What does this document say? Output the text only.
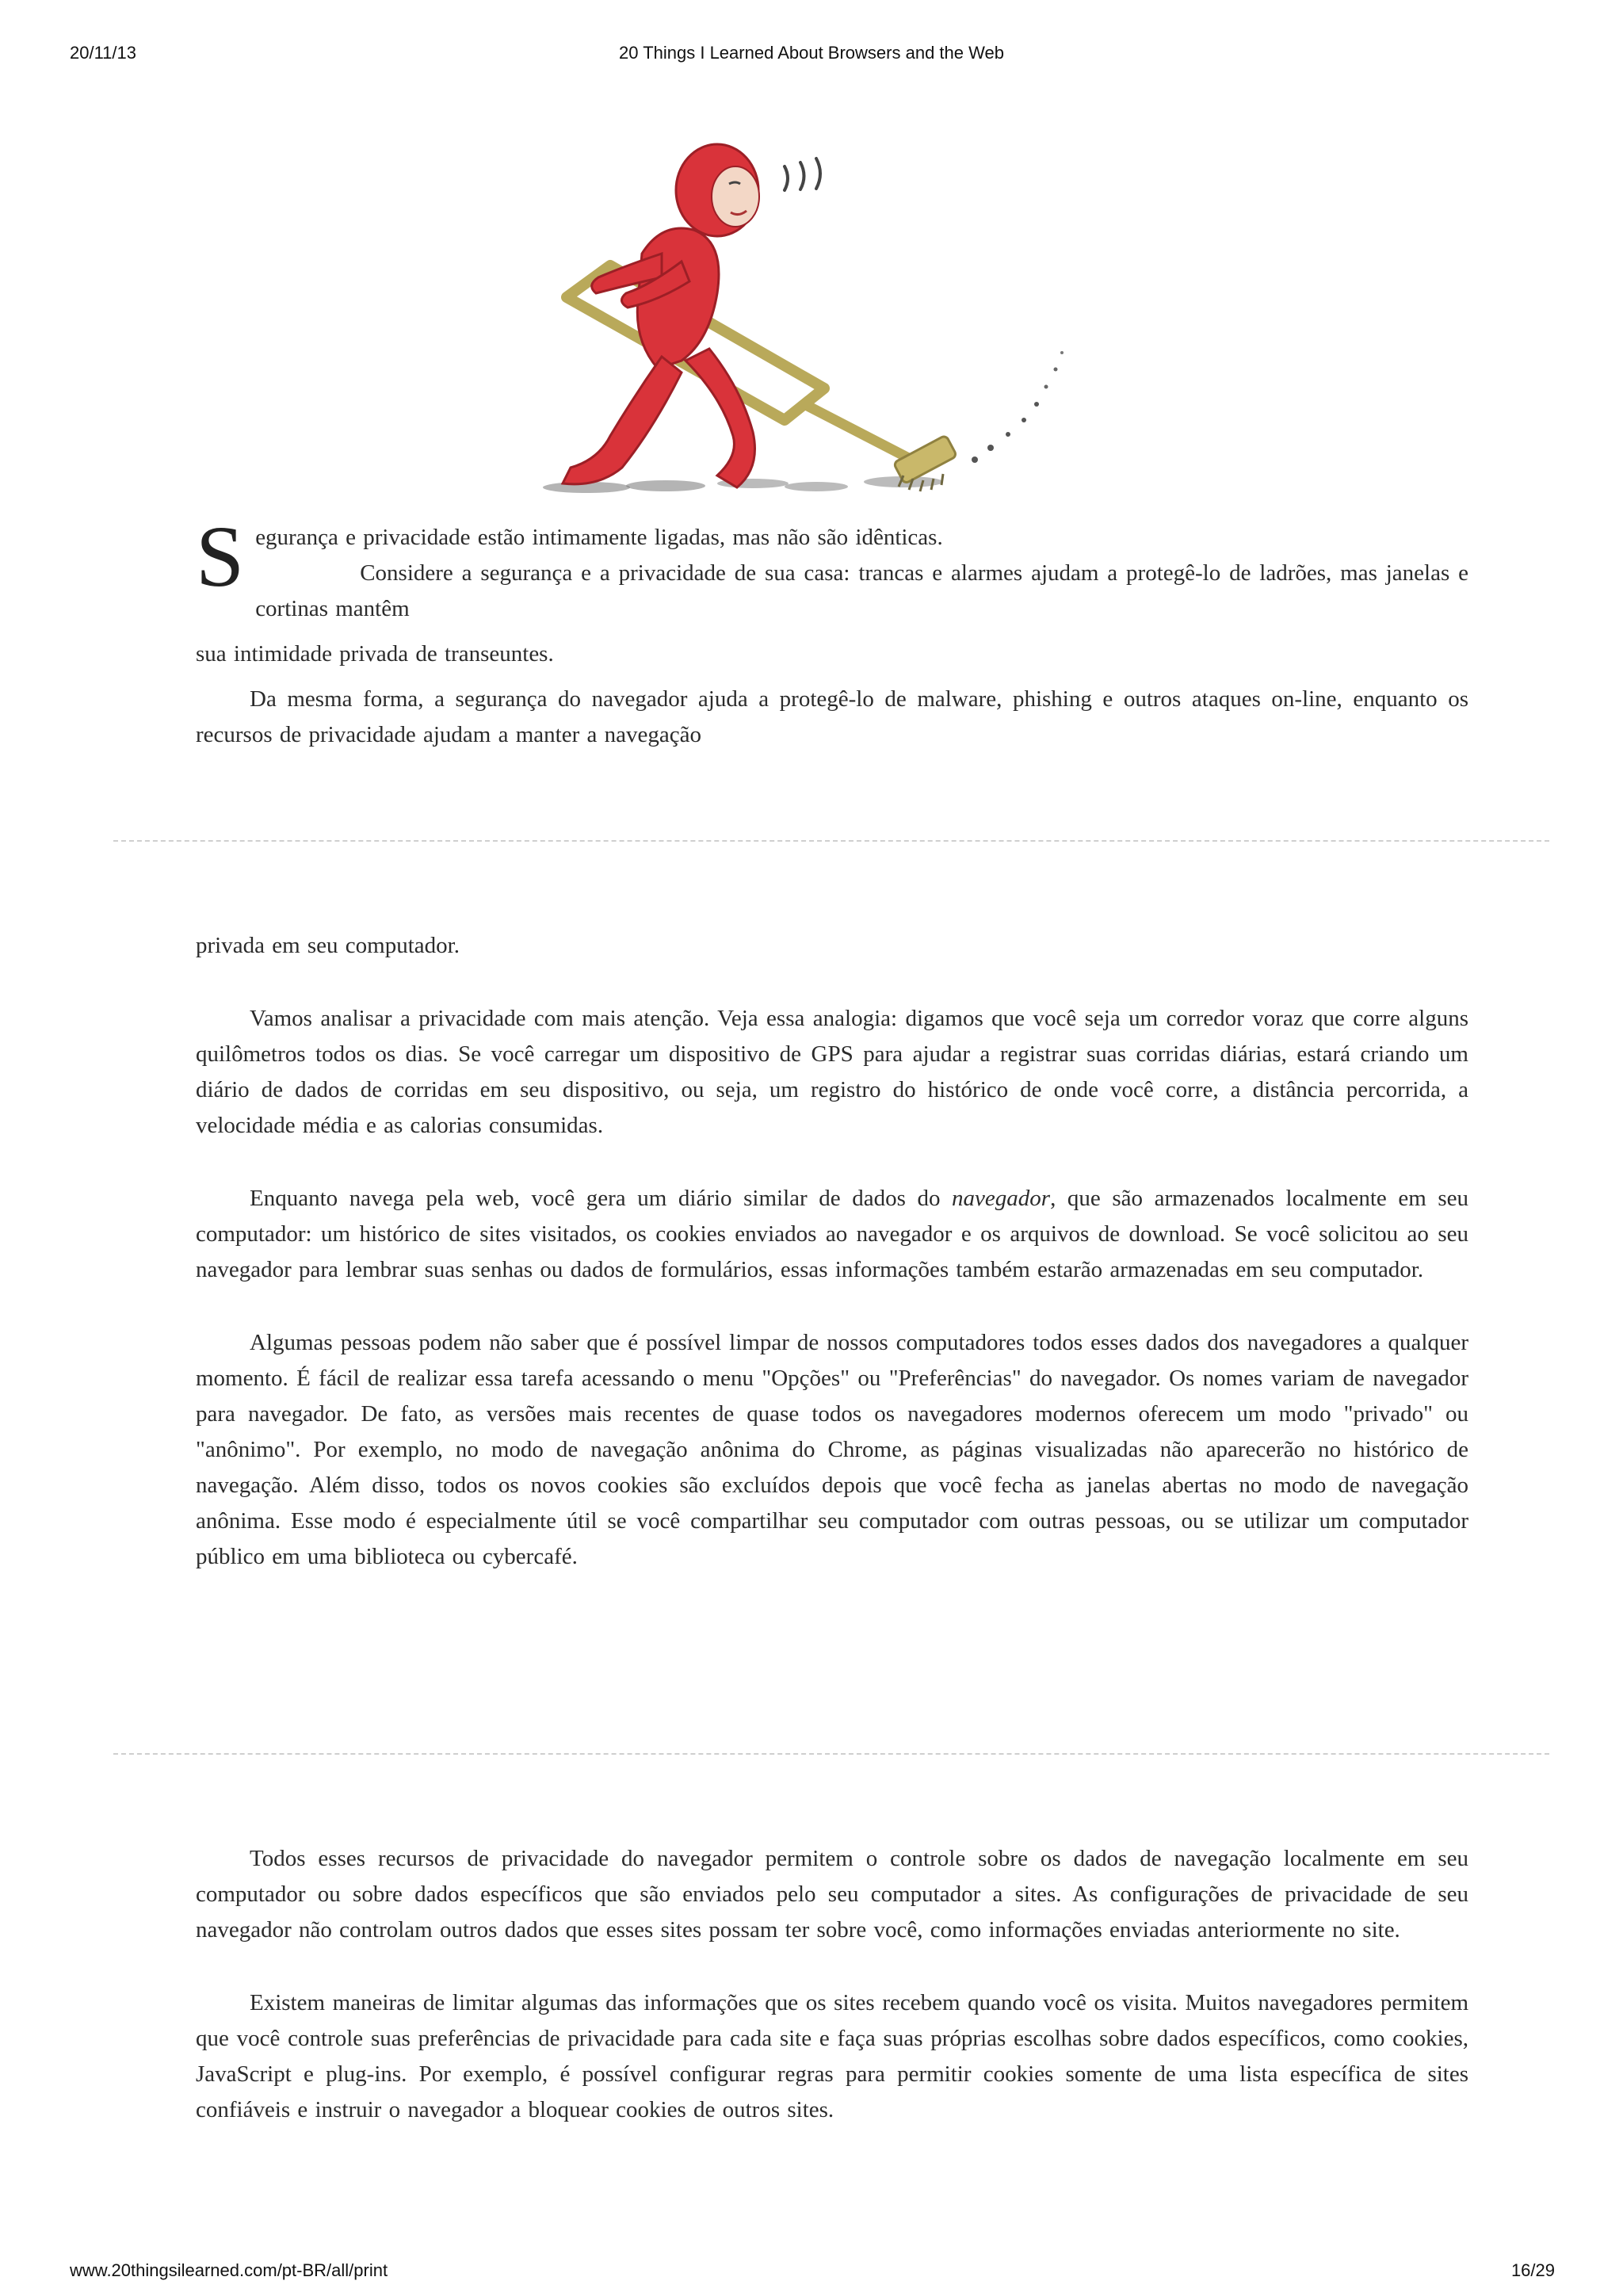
20/11/13	20 Things I Learned About Browsers and the Web

S egurança e privacidade estão intimamente ligadas, mas não são idênticas.

Considere a segurança e a privacidade de sua casa: trancas e alarmes ajudam a protegê-lo de ladrões, mas janelas e cortinas mantêm

sua intimidade privada de transeuntes.

Da mesma forma, a segurança do navegador ajuda a protegê-lo de malware, phishing e outros ataques on-line, enquanto os recursos de privacidade ajudam a manter a navegação

privada em seu computador.

Vamos analisar a privacidade com mais atenção. Veja essa analogia: digamos que você seja um corredor voraz que corre alguns quilômetros todos os dias. Se você carregar um dispositivo de GPS para ajudar a registrar suas corridas diárias, estará criando um diário de dados de corridas em seu dispositivo, ou seja, um registro do histórico de onde você corre, a distância percorrida, a velocidade média e as calorias consumidas.

Enquanto navega pela web, você gera um diário similar de dados do navegador, que são armazenados localmente em seu computador: um histórico de sites visitados, os cookies enviados ao navegador e os arquivos de download. Se você solicitou ao seu navegador para lembrar suas senhas ou dados de formulários, essas informações também estarão armazenadas em seu computador.

Algumas pessoas podem não saber que é possível limpar de nossos computadores todos esses dados dos navegadores a qualquer momento. É fácil de realizar essa tarefa acessando o menu "Opções" ou "Preferências" do navegador. Os nomes variam de navegador para navegador. De fato, as versões mais recentes de quase todos os navegadores modernos oferecem um modo "privado" ou "anônimo". Por exemplo, no modo de navegação anônima do Chrome, as páginas visualizadas não aparecerão no histórico de navegação. Além disso, todos os novos cookies são excluídos depois que você fecha as janelas abertas no modo de navegação anônima. Esse modo é especialmente útil se você compartilhar seu computador com outras pessoas, ou se utilizar um computador público em uma biblioteca ou cybercafé.

Todos esses recursos de privacidade do navegador permitem o controle sobre os dados de navegação localmente em seu computador ou sobre dados específicos que são enviados pelo seu computador a sites. As configurações de privacidade de seu navegador não controlam outros dados que esses sites possam ter sobre você, como informações enviadas anteriormente no site.

Existem maneiras de limitar algumas das informações que os sites recebem quando você os visita. Muitos navegadores permitem que você controle suas preferências de privacidade para cada site e faça suas próprias escolhas sobre dados específicos, como cookies, JavaScript e plug-ins. Por exemplo, é possível configurar regras para permitir cookies somente de uma lista específica de sites confiáveis e instruir o navegador a bloquear cookies de outros sites.

www.20thingsilearned.com/pt-BR/all/print	16/29
